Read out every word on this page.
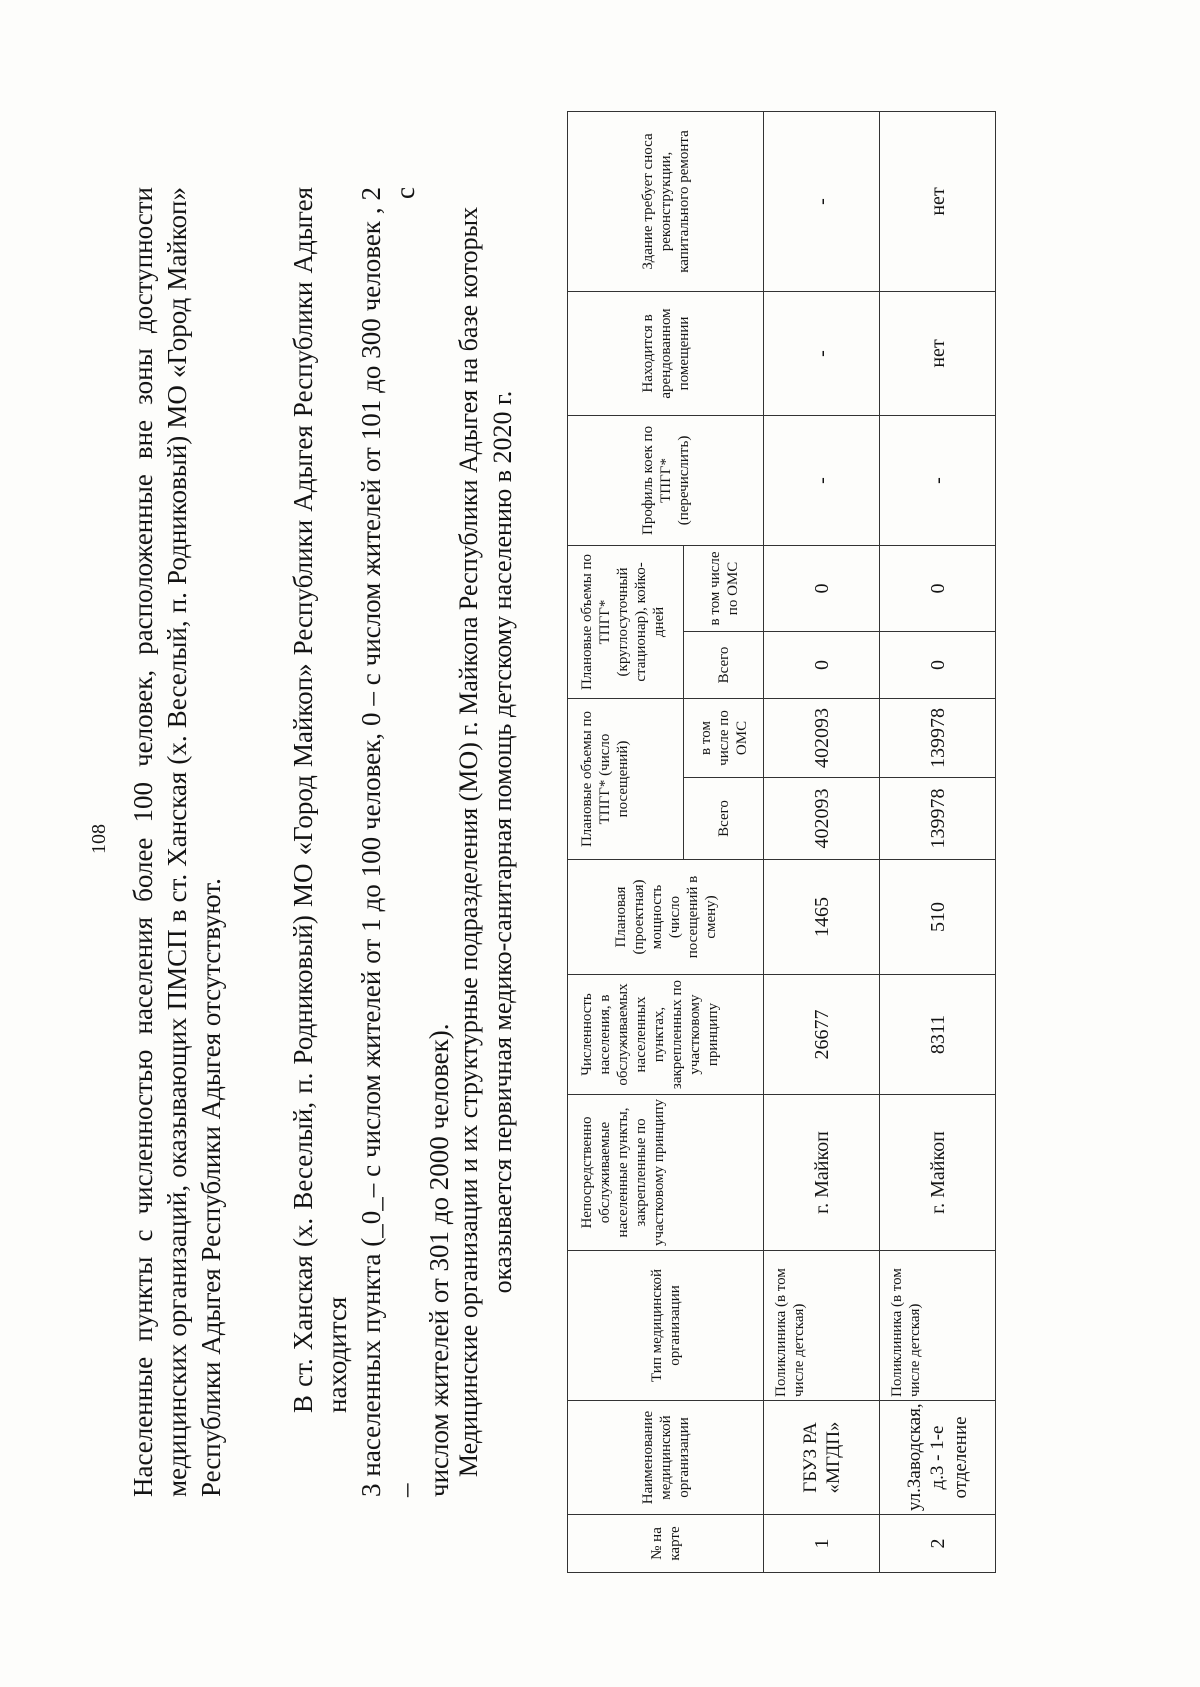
108 Населенные пункты с численностью населения более 100 человек, расположенные вне зоны доступности медицинских организаций, оказывающих ПМСП в ст. Ханская (х. Веселый, п. Родниковый) МО «Город Майкоп» Республики Адыгея Республики Адыгея отсутствуют. В ст. Ханская (х. Веселый, п. Родниковый) МО «Город Майкоп» Республики Адыгея Республики Адыгея находится 3 населенных пункта (_0_– с числом жителей от 1 до 100 человек, 0 – с числом жителей от 101 до 300 человек , 2 – с числом жителей от 301 до 2000 человек). Медицинские организации и их структурные подразделения (МО) г. Майкопа Республики Адыгея на базе которых оказывается первичная медико-санитарная помощь детскому населению в 2020 г.
№ на карте	Наименование медицинской организации	Тип медицинской организации	Непосредственно обслуживаемые населенные пункты, закрепленные по участковому принципу	Численность населения, в обслуживаемых населенных пунктах, закрепленных по участковому принципу	Плановая (проектная) мощность (число посещений в смену)	Плановые объемы по ТПГГ* (число посещений)		Плановые объемы по ТПГГ* (круглосуточный стационар), койко-дней		Профиль коек по ТПГГ* (перечислить)	Находится в арендованном помещении	Здание требует сноса реконструкции, капитального ремонта
						Всего	в том числе по ОМС	Всего	в том числе по ОМС			
1	ГБУЗ РА «МГДП»	Поликлиника (в том числе детская)	г. Майкоп	26677	1465	402093	402093	0	0	-	-	-
2	ул.Заводская, д.3 - 1-е отделение	Поликлиника (в том числе детская)	г. Майкоп	8311	510	139978	139978	0	0	-	нет	нет
